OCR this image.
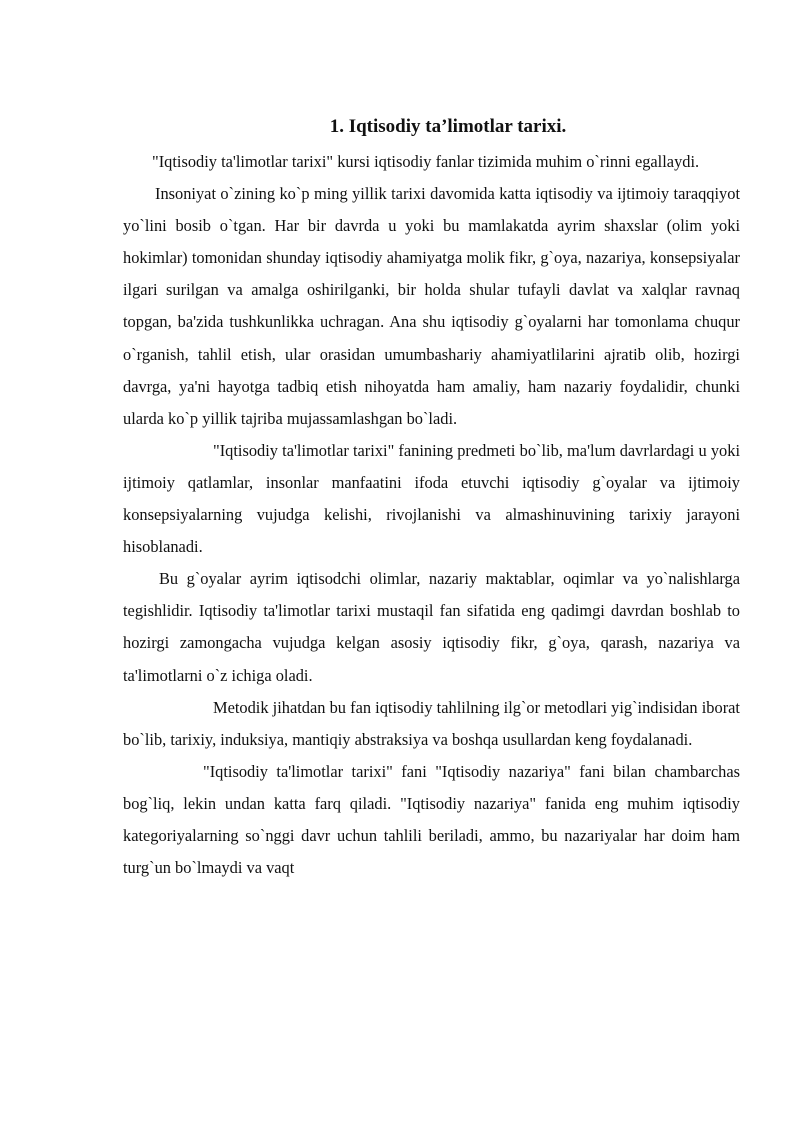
1. Iqtisodiy ta’limotlar tarixi.

"Iqtisodiy ta'limotlar tarixi" kursi iqtisodiy fanlar tizimida muhim o`rinni egallaydi.

Insoniyat o`zining ko`p ming yillik tarixi davomida katta iqtisodiy va ijtimoiy taraqqiyot yo`lini bosib o`tgan. Har bir davrda u yoki bu mamlakatda ayrim shaxslar (olim yoki hokimlar) tomonidan shunday iqtisodiy ahamiyatga molik fikr, g`oya, nazariya, konsepsiyalar ilgari surilgan va amalga oshirilganki, bir holda shular tufayli davlat va xalqlar ravnaq topgan, ba'zida tushkunlikka uchragan. Ana shu iqtisodiy g`oyalarni har tomonlama chuqur o`rganish, tahlil etish, ular orasidan umumbashariy ahamiyatlilarini ajratib olib, hozirgi davrga, ya'ni hayotga tadbiq etish nihoyatda ham amaliy, ham nazariy foydalidir, chunki ularda ko`p yillik tajriba mujassamlashgan bo`ladi.

"Iqtisodiy ta'limotlar tarixi" fanining predmeti bo`lib, ma'lum davrlardagi u yoki ijtimoiy qatlamlar, insonlar manfaatini ifoda etuvchi iqtisodiy g`oyalar va ijtimoiy konsepsiyalarning vujudga kelishi, rivojlanishi va almashinuvining tarixiy jarayoni hisoblanadi.

Bu g`oyalar ayrim iqtisodchi olimlar, nazariy maktablar, oqimlar va yo`nalishlarga tegishlidir. Iqtisodiy ta'limotlar tarixi mustaqil fan sifatida eng qadimgi davrdan boshlab to hozirgi zamongacha vujudga kelgan asosiy iqtisodiy fikr, g`oya, qarash, nazariya va ta'limotlarni o`z ichiga oladi.

Metodik jihatdan bu fan iqtisodiy tahlilning ilg`or metodlari yig`indisidan iborat bo`lib, tarixiy, induksiya, mantiqiy abstraksiya va boshqa usullardan keng foydalanadi.

"Iqtisodiy ta'limotlar tarixi" fani "Iqtisodiy nazariya" fani bilan chambarchas bog`liq, lekin undan katta farq qiladi. "Iqtisodiy nazariya" fanida eng muhim iqtisodiy kategoriyalarning so`nggi davr uchun tahlili beriladi, ammo, bu nazariyalar har doim ham turg`un bo`lmaydi va vaqt
